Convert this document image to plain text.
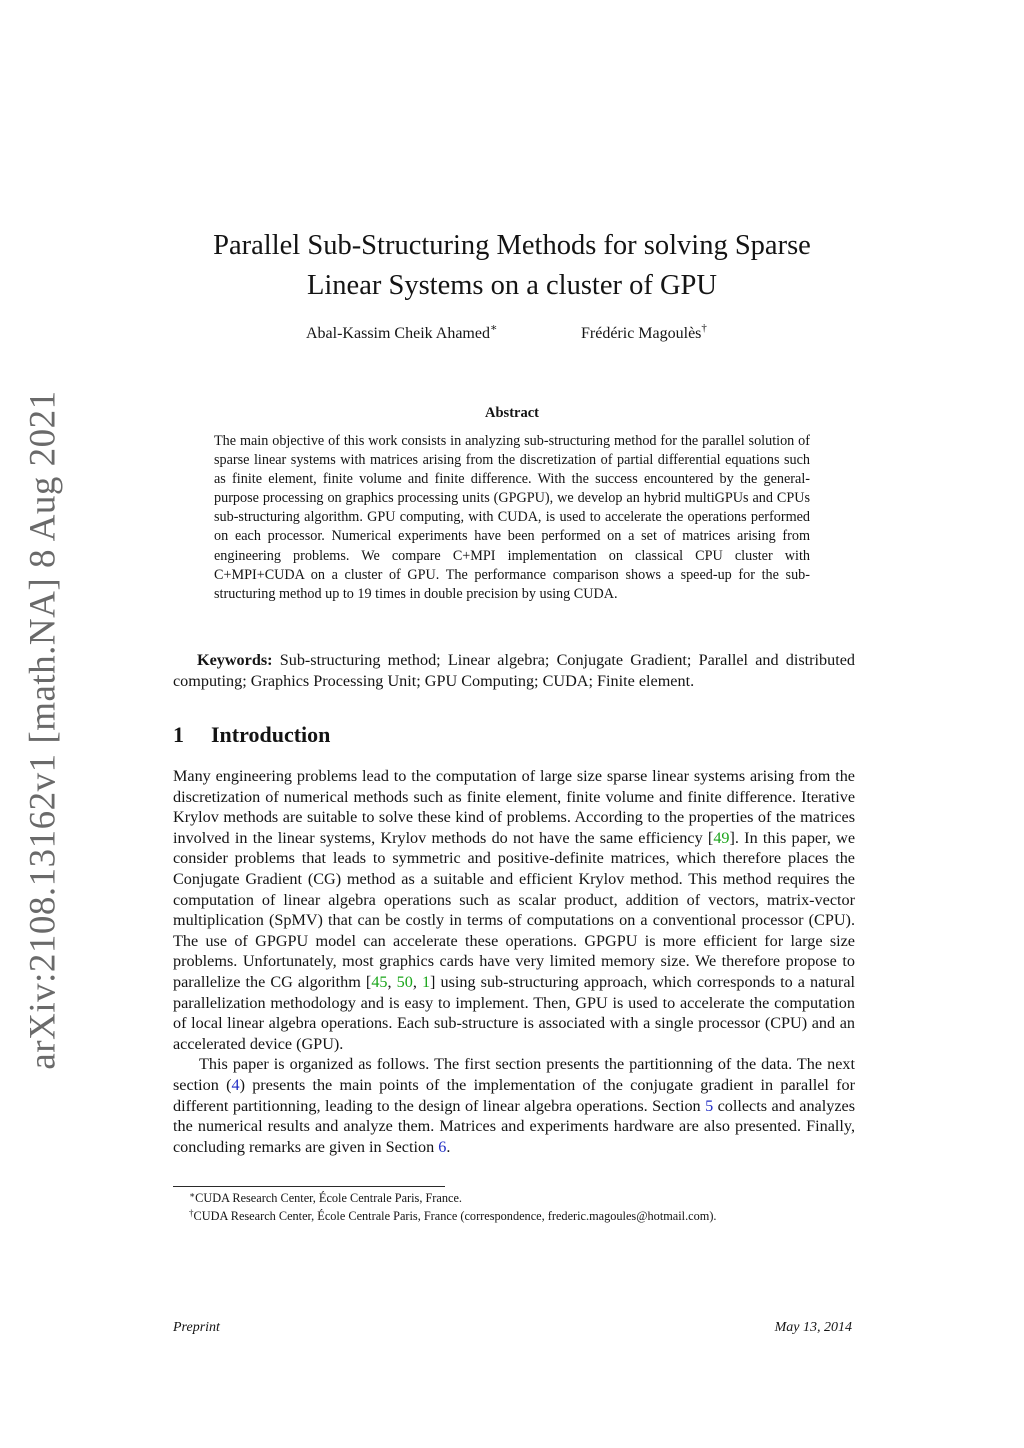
arXiv:2108.13162v1 [math.NA] 8 Aug 2021
Parallel Sub-Structuring Methods for solving Sparse
Linear Systems on a cluster of GPU
Abal-Kassim Cheik Ahamed∗	Frédéric Magoulès†
Abstract
The main objective of this work consists in analyzing sub-structuring method for the parallel solution of sparse linear systems with matrices arising from the discretization of partial differential equations such as finite element, finite volume and finite difference. With the success encountered by the general-purpose processing on graphics processing units (GPGPU), we develop an hybrid multiGPUs and CPUs sub-structuring algorithm. GPU computing, with CUDA, is used to accelerate the operations performed on each processor. Numerical experiments have been performed on a set of matrices arising from engineering problems. We compare C+MPI implementation on classical CPU cluster with C+MPI+CUDA on a cluster of GPU. The performance comparison shows a speed-up for the sub-structuring method up to 19 times in double precision by using CUDA.
Keywords: Sub-structuring method; Linear algebra; Conjugate Gradient; Parallel and distributed computing; Graphics Processing Unit; GPU Computing; CUDA; Finite element.
1 Introduction

Many engineering problems lead to the computation of large size sparse linear systems arising from the discretization of numerical methods such as finite element, finite volume and finite difference. Iterative Krylov methods are suitable to solve these kind of problems. According to the properties of the matrices involved in the linear systems, Krylov methods do not have the same efficiency [49]. In this paper, we consider problems that leads to symmetric and positive-definite matrices, which therefore places the Conjugate Gradient (CG) method as a suitable and efficient Krylov method. This method requires the computation of linear algebra operations such as scalar product, addition of vectors, matrix-vector multiplication (SpMV) that can be costly in terms of computations on a conventional processor (CPU). The use of GPGPU model can accelerate these operations. GPGPU is more efficient for large size problems. Unfortunately, most graphics cards have very limited memory size. We therefore propose to parallelize the CG algorithm [45, 50, 1] using sub-structuring approach, which corresponds to a natural parallelization methodology and is easy to implement. Then, GPU is used to accelerate the computation of local linear algebra operations. Each sub-structure is associated with a single processor (CPU) and an accelerated device (GPU).

This paper is organized as follows. The first section presents the partitionning of the data. The next section (4) presents the main points of the implementation of the conjugate gradient in parallel for different partitionning, leading to the design of linear algebra operations. Section 5 collects and analyzes the numerical results and analyze them. Matrices and experiments hardware are also presented. Finally, concluding remarks are given in Section 6.

∗CUDA Research Center, École Centrale Paris, France.
†CUDA Research Center, École Centrale Paris, France (correspondence, frederic.magoules@hotmail.com).
Preprint	May 13, 2014
